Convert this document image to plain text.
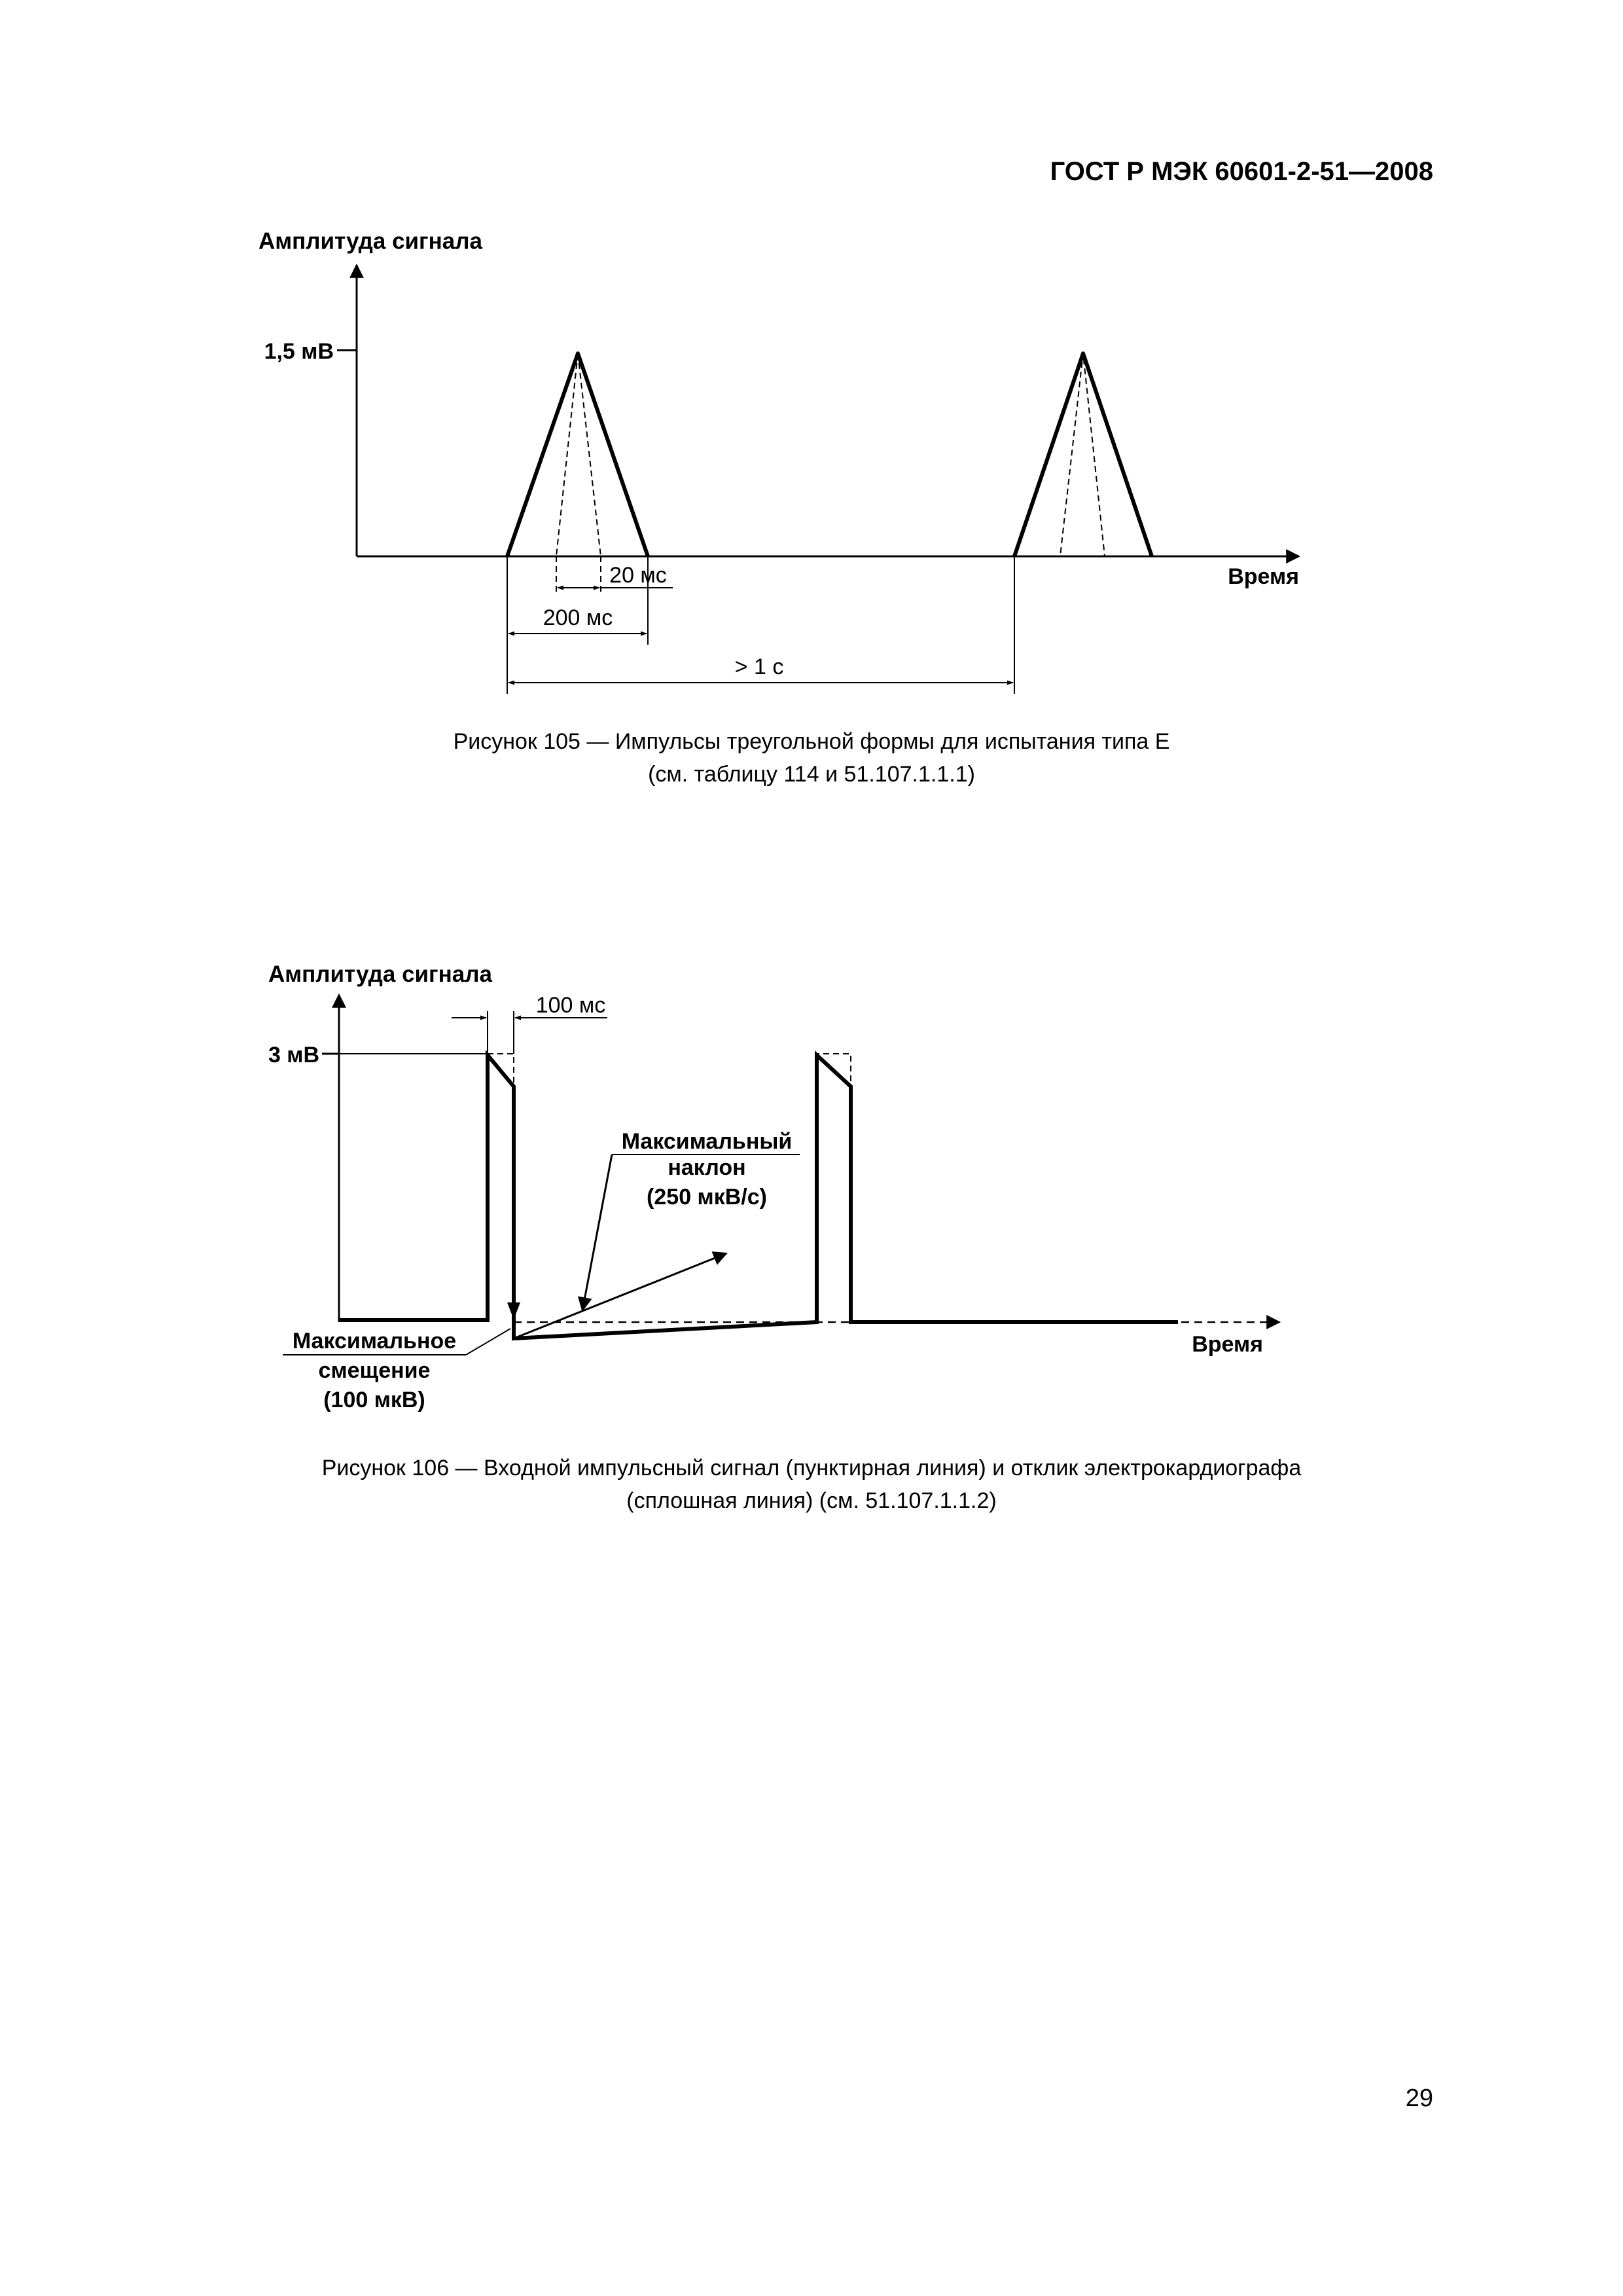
ГОСТ Р МЭК 60601-2-51—2008
Амплитуда сигнала
1,5 мВ
Время
20 мс
200 мс
> 1 с
Рисунок 105 — Импульсы треугольной формы для испытания типа E
(см. таблицу 114 и 51.107.1.1.1)
Амплитуда сигнала
3 мВ
Время
100 мс
Максимальный
наклон
(250 мкВ/с)
Максимальное
смещение
(100 мкВ)
Рисунок 106 — Входной импульсный сигнал (пунктирная линия) и отклик электрокардиографа
(сплошная линия) (см. 51.107.1.1.2)
29
